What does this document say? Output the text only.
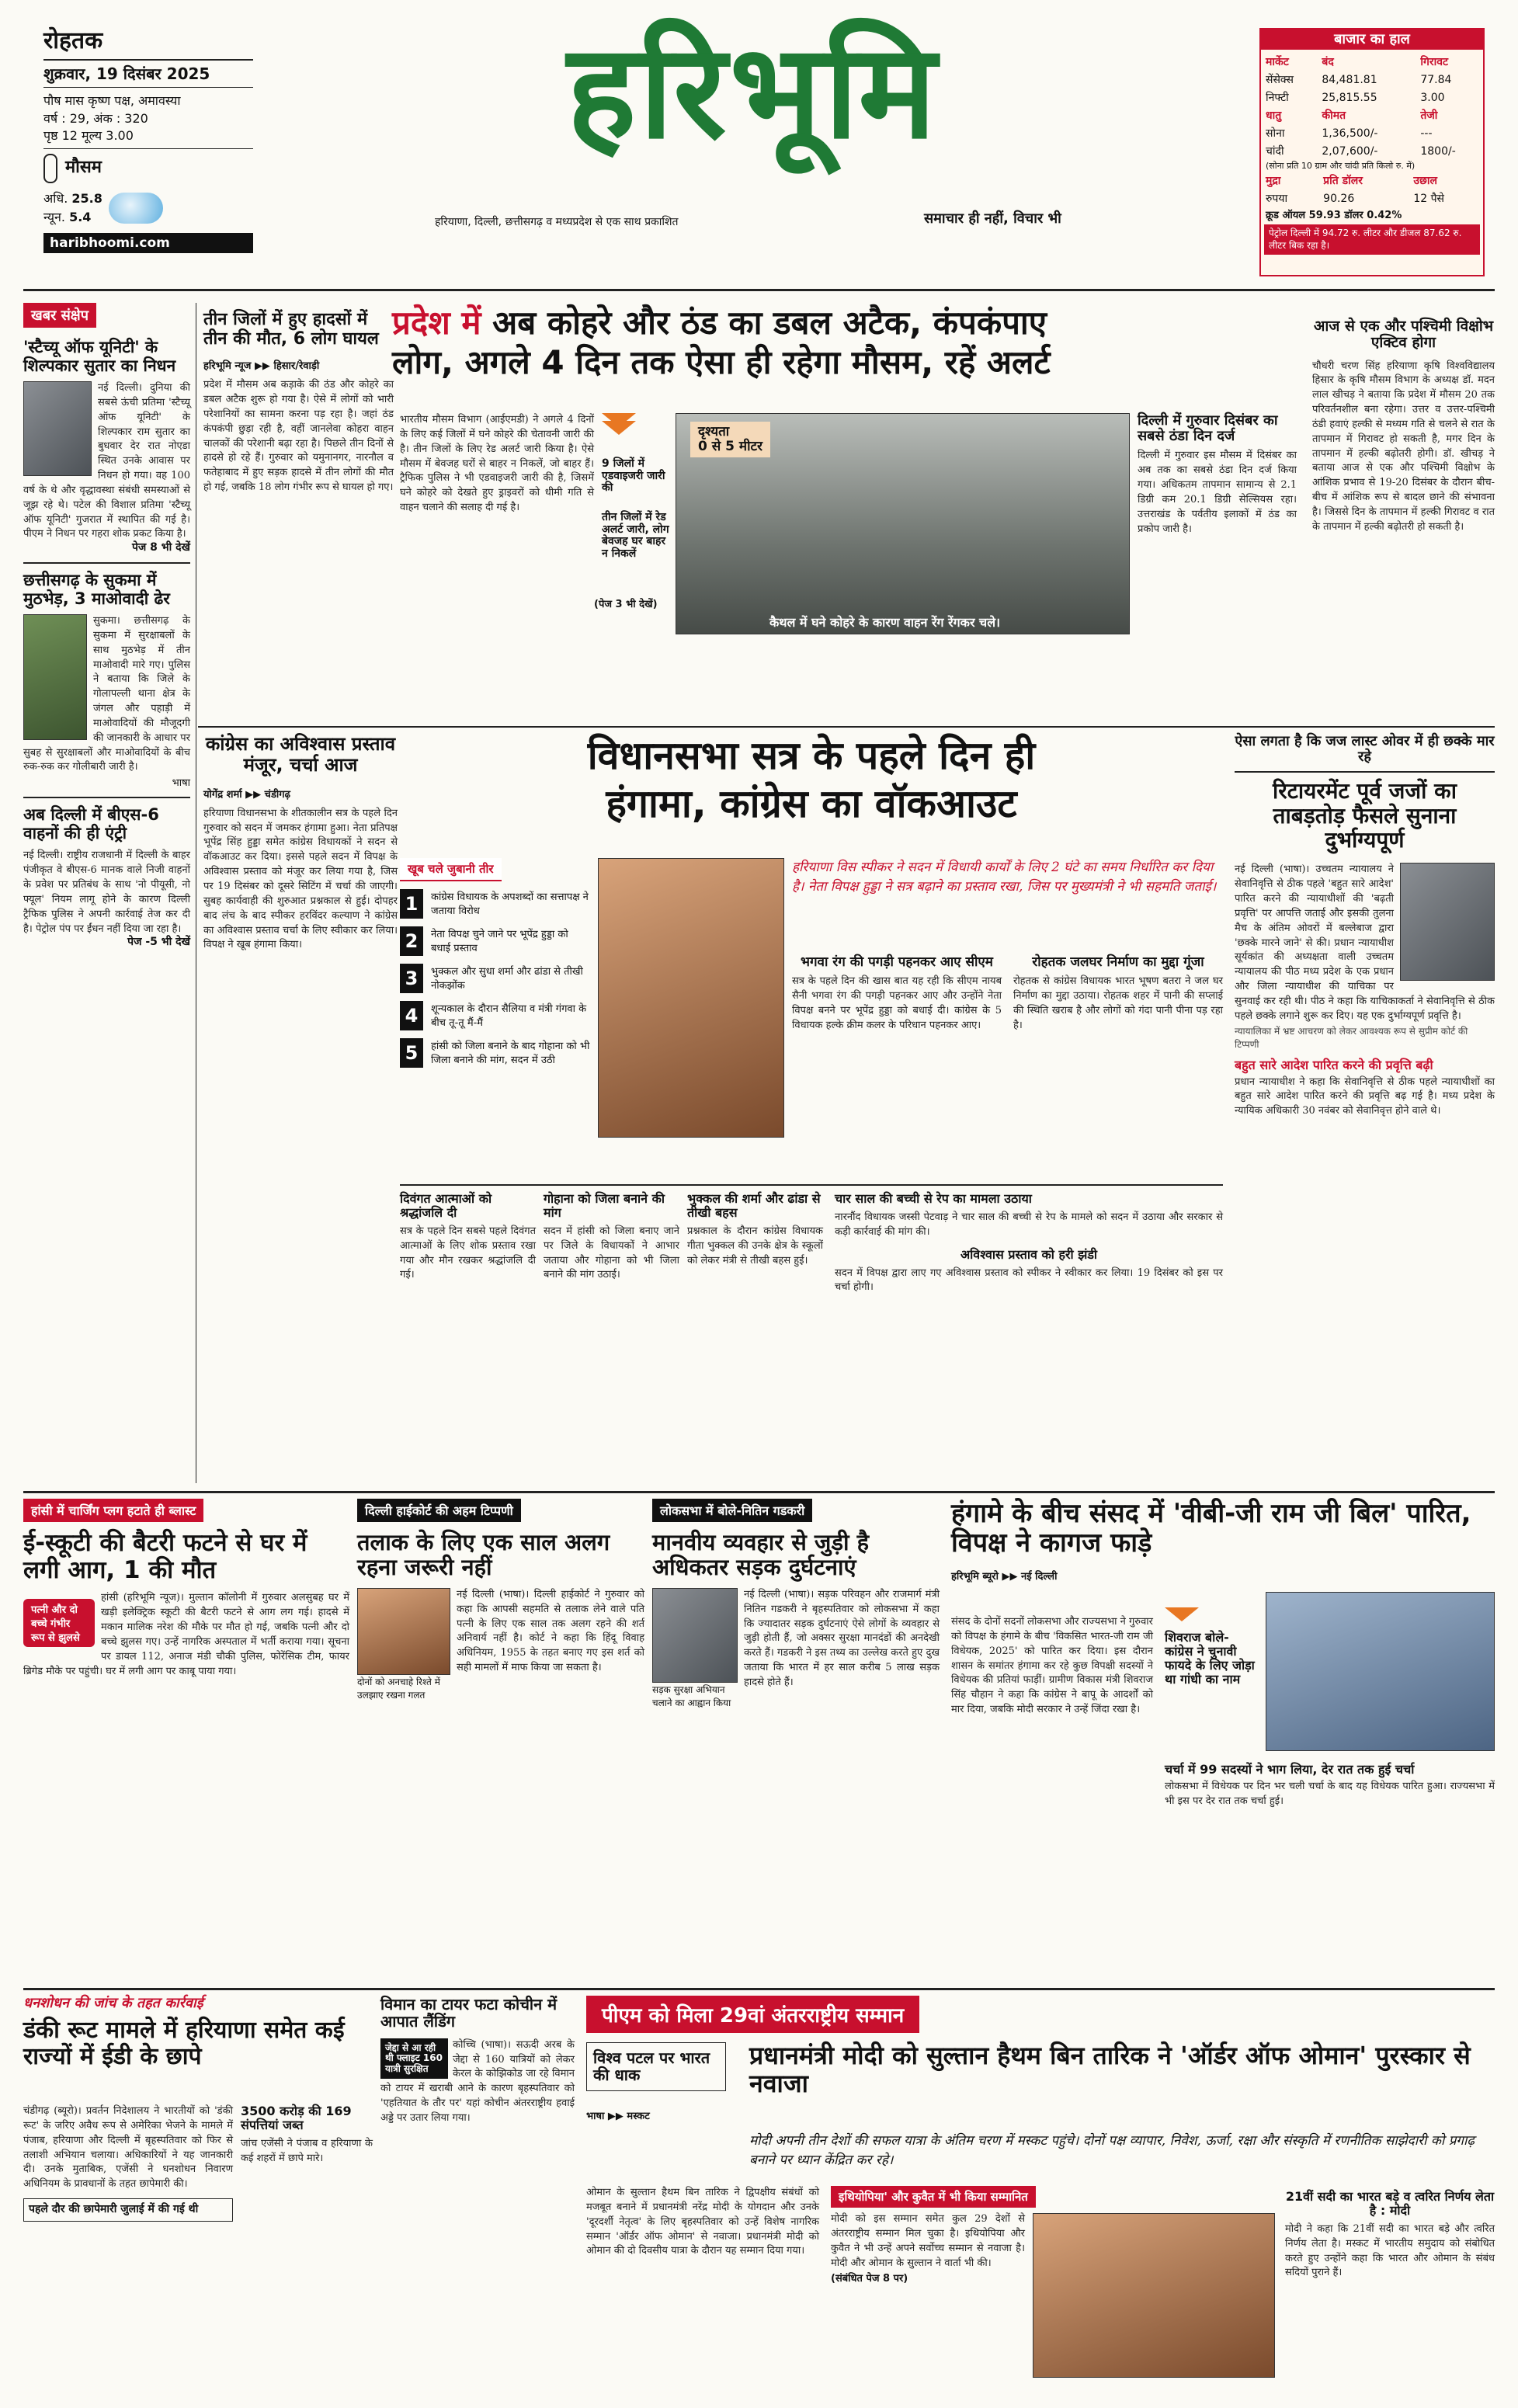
रोहतक
शुक्रवार, 19 दिसंबर 2025
पौष मास कृष्ण पक्ष, अमावस्या
वर्ष : 29, अंक : 320
पृष्ठ 12 मूल्य 3.00
मौसम
अधि. 25.8
न्यून. 5.4
haribhoomi.com
हरिभूमि
हरियाणा, दिल्ली, छत्तीसगढ़ व मध्यप्रदेश से एक साथ प्रकाशित	समाचार ही नहीं, विचार भी
बाजार का हाल
मार्केट	बंद	गिरावट
सेंसेक्स	84,481.81	77.84
निफ्टी	25,815.55	3.00
धातु	कीमत	तेजी
सोना	1,36,500/-	---
चांदी	2,07,600/-	1800/-
(सोना प्रति 10 ग्राम और चांदी प्रति किलो रु. में)
मुद्रा	प्रति डॉलर	उछाल
रुपया	90.26	12 पैसे
क्रूड ऑयल 59.93 डॉलर 0.42%
पेट्रोल दिल्ली में 94.72 रु. लीटर और डीजल 87.62 रु. लीटर बिक रहा है।
खबर संक्षेप
'स्टैच्यू ऑफ यूनिटी' के शिल्पकार सुतार का निधन
नई दिल्ली। दुनिया की सबसे ऊंची प्रतिमा 'स्टैच्यू ऑफ यूनिटी' के शिल्पकार राम सुतार का बुधवार देर रात नोएडा स्थित उनके आवास पर निधन हो गया। वह 100 वर्ष के थे और वृद्धावस्था संबंधी समस्याओं से जूझ रहे थे। पटेल की विशाल प्रतिमा 'स्टैच्यू ऑफ यूनिटी' गुजरात में स्थापित की गई है। पीएम ने निधन पर गहरा शोक प्रकट किया है।
पेज 8 भी देखें
छत्तीसगढ़ के सुकमा में मुठभेड़, 3 माओवादी ढेर
सुकमा। छत्तीसगढ़ के सुकमा में सुरक्षाबलों के साथ मुठभेड़ में तीन माओवादी मारे गए। पुलिस ने बताया कि जिले के गोलापल्ली थाना क्षेत्र के जंगल और पहाड़ी में माओवादियों की मौजूदगी की जानकारी के आधार पर सुबह से सुरक्षाबलों और माओवादियों के बीच रुक-रुक कर गोलीबारी जारी है।
भाषा
अब दिल्ली में बीएस-6 वाहनों की ही एंट्री
नई दिल्ली। राष्ट्रीय राजधानी में दिल्ली के बाहर पंजीकृत वे बीएस-6 मानक वाले निजी वाहनों के प्रवेश पर प्रतिबंध के साथ 'नो पीयूसी, नो फ्यूल' नियम लागू होने के कारण दिल्ली ट्रैफिक पुलिस ने अपनी कार्रवाई तेज कर दी है। पेट्रोल पंप पर ईंधन नहीं दिया जा रहा है।
पेज -5 भी देखें
तीन जिलों में हुए हादसों में तीन की मौत, 6 लोग घायल
हरिभूमि न्यूज ▶▶ हिसार/रेवाड़ी
प्रदेश में मौसम अब कड़ाके की ठंड और कोहरे का डबल अटैक शुरू हो गया है। ऐसे में लोगों को भारी परेशानियों का सामना करना पड़ रहा है। जहां ठंड कंपकंपी छुड़ा रही है, वहीं जानलेवा कोहरा वाहन चालकों की परेशानी बढ़ा रहा है। पिछले तीन दिनों से हादसे हो रहे हैं। गुरुवार को यमुनानगर, नारनौल व फतेहाबाद में हुए सड़क हादसे में तीन लोगों की मौत हो गई, जबकि 18 लोग गंभीर रूप से घायल हो गए।
प्रदेश में अब कोहरे और ठंड का डबल अटैक, कंपकंपाए
लोग, अगले 4 दिन तक ऐसा ही रहेगा मौसम, रहें अलर्ट
भारतीय मौसम विभाग (आईएमडी) ने अगले 4 दिनों के लिए कई जिलों में घने कोहरे की चेतावनी जारी की है। तीन जिलों के लिए रेड अलर्ट जारी किया है। ऐसे मौसम में बेवजह घरों से बाहर न निकलें, जो बाहर हैं। ट्रैफिक पुलिस ने भी एडवाइजरी जारी की है, जिसमें घने कोहरे को देखते हुए ड्राइवरों को धीमी गति से वाहन चलाने की सलाह दी गई है।
(पेज 3 भी देखें)
9 जिलों में एडवाइजरी जारी की
तीन जिलों में रेड अलर्ट जारी, लोग बेवजह घर बाहर न निकलें
दृश्यता
0 से 5 मीटर
कैथल में घने कोहरे के कारण वाहन रेंग रेंगकर चले।
दिल्ली में गुरुवार दिसंबर का सबसे ठंडा दिन दर्ज
दिल्ली में गुरुवार इस मौसम में दिसंबर का अब तक का सबसे ठंडा दिन दर्ज किया गया। अधिकतम तापमान सामान्य से 2.1 डिग्री कम 20.1 डिग्री सेल्सियस रहा। उत्तराखंड के पर्वतीय इलाकों में ठंड का प्रकोप जारी है।
आज से एक और पश्चिमी विक्षोभ एक्टिव होगा
चौधरी चरण सिंह हरियाणा कृषि विश्वविद्यालय हिसार के कृषि मौसम विभाग के अध्यक्ष डॉ. मदन लाल खीचड़ ने बताया कि प्रदेश में मौसम 20 तक परिवर्तनशील बना रहेगा। उत्तर व उत्तर-पश्चिमी ठंडी हवाएं हल्की से मध्यम गति से चलने से रात के तापमान में गिरावट हो सकती है, मगर दिन के तापमान में हल्की बढ़ोतरी होगी। डॉ. खीचड़ ने बताया आज से एक और पश्चिमी विक्षोभ के आंशिक प्रभाव से 19-20 दिसंबर के दौरान बीच-बीच में आंशिक रूप से बादल छाने की संभावना है। जिससे दिन के तापमान में हल्की गिरावट व रात के तापमान में हल्की बढ़ोतरी हो सकती है।
कांग्रेस का अविश्वास प्रस्ताव मंजूर, चर्चा आज
योगेंद्र शर्मा ▶▶ चंडीगढ़
हरियाणा विधानसभा के शीतकालीन सत्र के पहले दिन गुरुवार को सदन में जमकर हंगामा हुआ। नेता प्रतिपक्ष भूपेंद्र सिंह हुड्डा समेत कांग्रेस विधायकों ने सदन से वॉकआउट कर दिया। इससे पहले सदन में विपक्ष के अविश्वास प्रस्ताव को मंजूर कर लिया गया है, जिस पर 19 दिसंबर को दूसरे सिटिंग में चर्चा की जाएगी। सुबह कार्यवाही की शुरुआत प्रश्नकाल से हुई। दोपहर बाद लंच के बाद स्पीकर हरविंदर कल्याण ने कांग्रेस का अविश्वास प्रस्ताव चर्चा के लिए स्वीकार कर लिया। विपक्ष ने खूब हंगामा किया।
विधानसभा सत्र के पहले दिन ही
हंगामा, कांग्रेस का वॉकआउट
खूब चले जुबानी तीर
1	कांग्रेस विधायक के अपशब्दों का सत्तापक्ष ने जताया विरोध
2	नेता विपक्ष चुने जाने पर भूपेंद्र हुड्डा को बधाई प्रस्ताव
3	भुक्कल और सुधा शर्मा और ढांडा से तीखी नोकझोंक
4	शून्यकाल के दौरान सैलिया व मंत्री गंगवा के बीच तू-तू मैं-मैं
5	हांसी को जिला बनाने के बाद गोहाना को भी जिला बनाने की मांग, सदन में उठी
हरियाणा विस स्पीकर ने सदन में विधायी कार्यों के लिए 2 घंटे का समय निर्धारित कर दिया है। नेता विपक्ष हुड्डा ने सत्र बढ़ाने का प्रस्ताव रखा, जिस पर मुख्यमंत्री ने भी सहमति जताई।
भगवा रंग की पगड़ी पहनकर आए सीएम
सत्र के पहले दिन की खास बात यह रही कि सीएम नायब सैनी भगवा रंग की पगड़ी पहनकर आए और उन्होंने नेता विपक्ष बनने पर भूपेंद्र हुड्डा को बधाई दी। कांग्रेस के 5 विधायक हल्के क्रीम कलर के परिधान पहनकर आए।
रोहतक जलघर निर्माण का मुद्दा गूंजा
रोहतक से कांग्रेस विधायक भारत भूषण बतरा ने जल घर निर्माण का मुद्दा उठाया। रोहतक शहर में पानी की सप्लाई की स्थिति खराब है और लोगों को गंदा पानी पीना पड़ रहा है।
दिवंगत आत्माओं को श्रद्धांजलि दी
सत्र के पहले दिन सबसे पहले दिवंगत आत्माओं के लिए शोक प्रस्ताव रखा गया और मौन रखकर श्रद्धांजलि दी गई।
गोहाना को जिला बनाने की मांग
सदन में हांसी को जिला बनाए जाने पर जिले के विधायकों ने आभार जताया और गोहाना को भी जिला बनाने की मांग उठाई।
भुक्कल की शर्मा और ढांडा से तीखी बहस
प्रश्नकाल के दौरान कांग्रेस विधायक गीता भुक्कल की उनके क्षेत्र के स्कूलों को लेकर मंत्री से तीखी बहस हुई।
चार साल की बच्ची से रेप का मामला उठाया
नारनौंद विधायक जस्सी पेटवाड़ ने चार साल की बच्ची से रेप के मामले को सदन में उठाया और सरकार से कड़ी कार्रवाई की मांग की।
अविश्वास प्रस्ताव को हरी झंडी
सदन में विपक्ष द्वारा लाए गए अविश्वास प्रस्ताव को स्पीकर ने स्वीकार कर लिया। 19 दिसंबर को इस पर चर्चा होगी।
ऐसा लगता है कि जज लास्ट ओवर में ही छक्के मार रहे
रिटायरमेंट पूर्व जजों का ताबड़तोड़ फैसले सुनाना दुर्भाग्यपूर्ण
नई दिल्ली (भाषा)। उच्चतम न्यायालय ने सेवानिवृत्ति से ठीक पहले 'बहुत सारे आदेश' पारित करने की न्यायाधीशों की 'बढ़ती प्रवृत्ति' पर आपत्ति जताई और इसकी तुलना मैच के अंतिम ओवरों में बल्लेबाज द्वारा 'छक्के मारने जाने' से की। प्रधान न्यायाधीश सूर्यकांत की अध्यक्षता वाली उच्चतम न्यायालय की पीठ मध्य प्रदेश के एक प्रधान और जिला न्यायाधीश की याचिका पर सुनवाई कर रही थी। पीठ ने कहा कि याचिकाकर्ता ने सेवानिवृत्ति से ठीक पहले छक्के लगाने शुरू कर दिए। यह एक दुर्भाग्यपूर्ण प्रवृत्ति है।
न्यायालिका में भ्रष्ट आचरण को लेकर आवश्यक रूप से सुप्रीम कोर्ट की टिप्पणी
बहुत सारे आदेश पारित करने की प्रवृत्ति बढ़ी
प्रधान न्यायाधीश ने कहा कि सेवानिवृत्ति से ठीक पहले न्यायाधीशों का बहुत सारे आदेश पारित करने की प्रवृत्ति बढ़ गई है। मध्य प्रदेश के न्यायिक अधिकारी 30 नवंबर को सेवानिवृत्त होने वाले थे।
हांसी में चार्जिंग प्लग हटाते ही ब्लास्ट
ई-स्कूटी की बैटरी फटने से घर में लगी आग, 1 की मौत
पत्नी और दो बच्चे गंभीर रूप से झुलसे
हांसी (हरिभूमि न्यूज)। मुल्तान कॉलोनी में गुरुवार अलसुबह घर में खड़ी इलेक्ट्रिक स्कूटी की बैटरी फटने से आग लग गई। हादसे में मकान मालिक नरेश की मौके पर मौत हो गई, जबकि पत्नी और दो बच्चे झुलस गए। उन्हें नागरिक अस्पताल में भर्ती कराया गया। सूचना पर डायल 112, अनाज मंडी चौकी पुलिस, फोरेंसिक टीम, फायर ब्रिगेड मौके पर पहुंची। घर में लगी आग पर काबू पाया गया।
दिल्ली हाईकोर्ट की अहम टिप्पणी
तलाक के लिए एक साल अलग रहना जरूरी नहीं
दोनों को अनचाहे रिश्ते में उलझाए रखना गलत
नई दिल्ली (भाषा)। दिल्ली हाईकोर्ट ने गुरुवार को कहा कि आपसी सहमति से तलाक लेने वाले पति पत्नी के लिए एक साल तक अलग रहने की शर्त अनिवार्य नहीं है। कोर्ट ने कहा कि हिंदू विवाह अधिनियम, 1955 के तहत बनाए गए इस शर्त को सही मामलों में माफ किया जा सकता है।
लोकसभा में बोले-नितिन गडकरी
मानवीय व्यवहार से जुड़ी है अधिकतर सड़क दुर्घटनाएं
सड़क सुरक्षा अभियान चलाने का आह्वान किया
नई दिल्ली (भाषा)। सड़क परिवहन और राजमार्ग मंत्री नितिन गडकरी ने बृहस्पतिवार को लोकसभा में कहा कि ज्यादातर सड़क दुर्घटनाएं ऐसे लोगों के व्यवहार से जुड़ी होती हैं, जो अक्सर सुरक्षा मानदंडों की अनदेखी करते हैं। गडकरी ने इस तथ्य का उल्लेख करते हुए दुख जताया कि भारत में हर साल करीब 5 लाख सड़क हादसे होते हैं।
हंगामे के बीच संसद में 'वीबी-जी राम जी बिल' पारित, विपक्ष ने कागज फाड़े
हरिभूमि ब्यूरो ▶▶ नई दिल्ली
संसद के दोनों सदनों लोकसभा और राज्यसभा ने गुरुवार को विपक्ष के हंगामे के बीच 'विकसित भारत-जी राम जी विधेयक, 2025' को पारित कर दिया। इस दौरान शासन के समांतर हंगामा कर रहे कुछ विपक्षी सदस्यों ने विधेयक की प्रतियां फाड़ीं। ग्रामीण विकास मंत्री शिवराज सिंह चौहान ने कहा कि कांग्रेस ने बापू के आदर्शों को मार दिया, जबकि मोदी सरकार ने उन्हें जिंदा रखा है।
शिवराज बोले- कांग्रेस ने चुनावी फायदे के लिए जोड़ा था गांधी का नाम
चर्चा में 99 सदस्यों ने भाग लिया, देर रात तक हुई चर्चा
लोकसभा में विधेयक पर दिन भर चली चर्चा के बाद यह विधेयक पारित हुआ। राज्यसभा में भी इस पर देर रात तक चर्चा हुई।
धनशोधन की जांच के तहत कार्रवाई
डंकी रूट मामले में हरियाणा समेत कई राज्यों में ईडी के छापे
चंडीगढ़ (ब्यूरो)। प्रवर्तन निदेशालय ने भारतीयों को 'डंकी रूट' के जरिए अवैध रूप से अमेरिका भेजने के मामले में पंजाब, हरियाणा और दिल्ली में बृहस्पतिवार को फिर से तलाशी अभियान चलाया। अधिकारियों ने यह जानकारी दी। उनके मुताबिक, एजेंसी ने धनशोधन निवारण अधिनियम के प्रावधानों के तहत छापेमारी की।
पहले दौर की छापेमारी जुलाई में की गई थी
3500 करोड़ की 169 संपत्तियां जब्त
जांच एजेंसी ने पंजाब व हरियाणा के कई शहरों में छापे मारे।
विमान का टायर फटा कोचीन में आपात लैंडिंग
जेद्दा से आ रही थी फ्लाइट 160 यात्री सुरक्षित
कोच्चि (भाषा)। सऊदी अरब के जेद्दा से 160 यात्रियों को लेकर केरल के कोझिकोड जा रहे विमान को टायर में खराबी आने के कारण बृहस्पतिवार को 'एहतियात के तौर पर' यहां कोचीन अंतरराष्ट्रीय हवाई अड्डे पर उतार लिया गया।
पीएम को मिला 29वां अंतरराष्ट्रीय सम्मान
विश्व पटल पर भारत की धाक
भाषा ▶▶ मस्कट
प्रधानमंत्री मोदी को सुल्तान हैथम बिन तारिक ने 'ऑर्डर ऑफ ओमान' पुरस्कार से नवाजा
मोदी अपनी तीन देशों की सफल यात्रा के अंतिम चरण में मस्कट पहुंचे। दोनों पक्ष व्यापार, निवेश, ऊर्जा, रक्षा और संस्कृति में रणनीतिक साझेदारी को प्रगाढ़ बनाने पर ध्यान केंद्रित कर रहे।
ओमान के सुल्तान हैथम बिन तारिक ने द्विपक्षीय संबंधों को मजबूत बनाने में प्रधानमंत्री नरेंद्र मोदी के योगदान और उनके 'दूरदर्शी नेतृत्व' के लिए बृहस्पतिवार को उन्हें विशेष नागरिक सम्मान 'ऑर्डर ऑफ ओमान' से नवाजा। प्रधानमंत्री मोदी को ओमान की दो दिवसीय यात्रा के दौरान यह सम्मान दिया गया।
इथियोपिया' और कुवैत में भी किया सम्मानित
मोदी को इस सम्मान समेत कुल 29 देशों से अंतरराष्ट्रीय सम्मान मिल चुका है। इथियोपिया और कुवैत ने भी उन्हें अपने सर्वोच्च सम्मान से नवाजा है। मोदी और ओमान के सुल्तान ने वार्ता भी की।
(संबंधित पेज 8 पर)
21वीं सदी का भारत बड़े व त्वरित निर्णय लेता है : मोदी
मोदी ने कहा कि 21वीं सदी का भारत बड़े और त्वरित निर्णय लेता है। मस्कट में भारतीय समुदाय को संबोधित करते हुए उन्होंने कहा कि भारत और ओमान के संबंध सदियों पुराने हैं।
